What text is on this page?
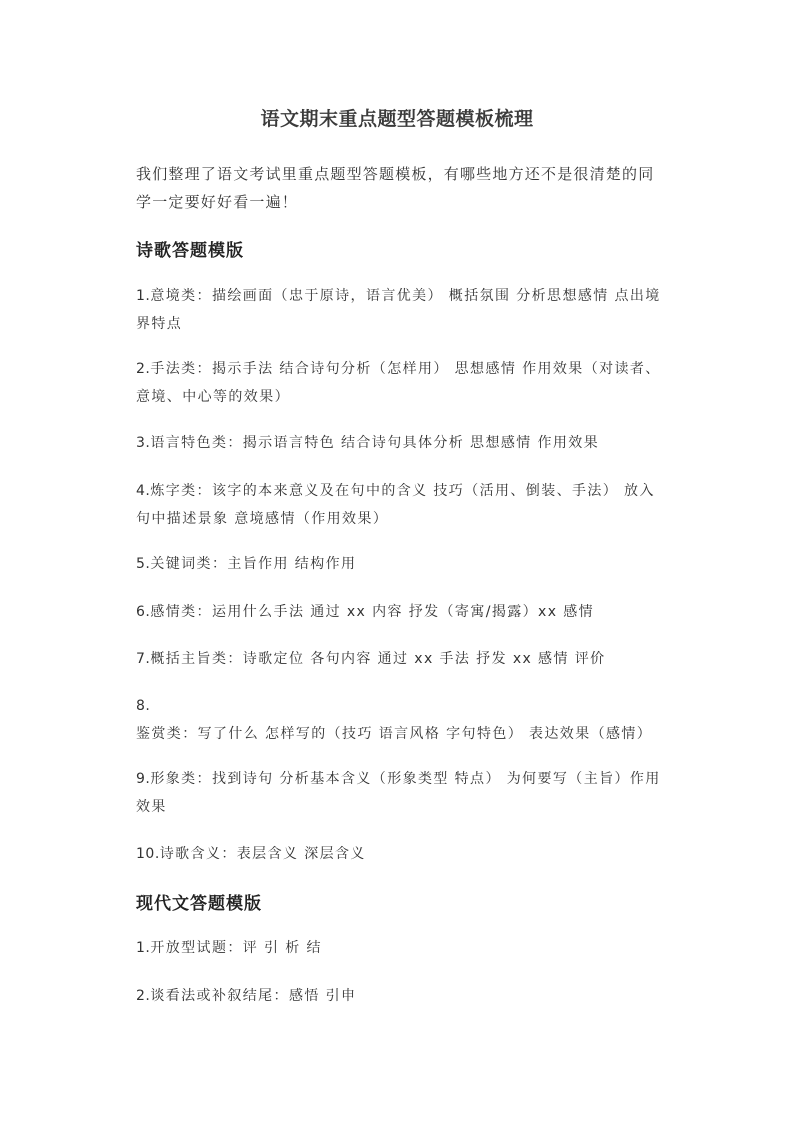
语文期末重点题型答题模板梳理
我们整理了语文考试里重点题型答题模板，有哪些地方还不是很清楚的同学一定要好好看一遍！
诗歌答题模版
1.意境类：描绘画面（忠于原诗，语言优美） 概括氛围 分析思想感情 点出境界特点
2.手法类：揭示手法 结合诗句分析（怎样用） 思想感情 作用效果（对读者、意境、中心等的效果）
3.语言特色类：揭示语言特色 结合诗句具体分析 思想感情 作用效果
4.炼字类：该字的本来意义及在句中的含义 技巧（活用、倒装、手法） 放入句中描述景象 意境感情（作用效果）
5.关键词类：主旨作用 结构作用
6.感情类：运用什么手法 通过 xx 内容 抒发（寄寓/揭露）xx 感情
7.概括主旨类：诗歌定位 各句内容 通过 xx 手法 抒发 xx 感情 评价
8.鉴赏类：写了什么 怎样写的（技巧 语言风格 字句特色） 表达效果（感情）
9.形象类：找到诗句 分析基本含义（形象类型 特点） 为何要写（主旨）作用效果
10.诗歌含义：表层含义 深层含义
现代文答题模版
1.开放型试题：评 引 析 结
2.谈看法或补叙结尾：感悟 引申
